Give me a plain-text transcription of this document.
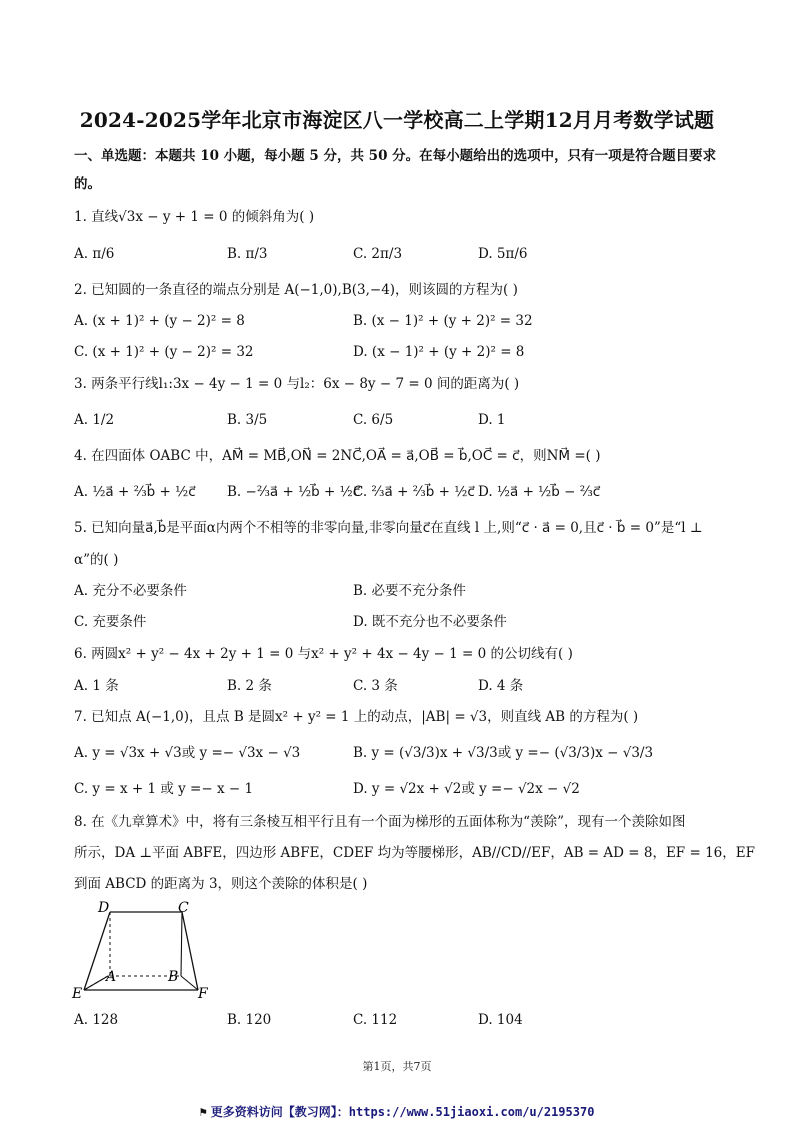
2024-2025学年北京市海淀区八一学校高二上学期12月月考数学试题
一、单选题：本题共 10 小题，每小题 5 分，共 50 分。在每小题给出的选项中，只有一项是符合题目要求
的。
1. 直线√3x − y + 1 = 0 的倾斜角为( )
A. π/6	B. π/3	C. 2π/3	D. 5π/6
2. 已知圆的一条直径的端点分别是 A(−1,0),B(3,−4)，则该圆的方程为( )
A. (x + 1)² + (y − 2)² = 8	B. (x − 1)² + (y + 2)² = 32
C. (x + 1)² + (y − 2)² = 32	D. (x − 1)² + (y + 2)² = 8
3. 两条平行线l₁:3x − 4y − 1 = 0 与l₂：6x − 8y − 7 = 0 间的距离为( )
A. 1/2	B. 3/5	C. 6/5	D. 1
4. 在四面体 OABC 中，AM⃗ = MB⃗,ON⃗ = 2NC⃗,OA⃗ = a⃗,OB⃗ = b⃗,OC⃗ = c⃗，则NM⃗ =( )
A. ½a⃗ + ⅔b⃗ + ½c⃗ B. −⅔a⃗ + ½b⃗ + ½c⃗
C. ⅔a⃗ + ⅔b⃗ + ½c⃗ D. ½a⃗ + ½b⃗ − ⅔c⃗
5. 已知向量a⃗,b⃗是平面α内两个不相等的非零向量,非零向量c⃗在直线 l 上,则“c⃗ · a⃗ = 0,且c⃗ · b⃗ = 0”是“l ⊥
α”的( )
A. 充分不必要条件	B. 必要不充分条件
C. 充要条件	D. 既不充分也不必要条件
6. 两圆x² + y² − 4x + 2y + 1 = 0 与x² + y² + 4x − 4y − 1 = 0 的公切线有( )
A. 1 条	B. 2 条	C. 3 条	D. 4 条
7. 已知点 A(−1,0)，且点 B 是圆x² + y² = 1 上的动点，|AB| = √3，则直线 AB 的方程为( )
A. y = √3x + √3或 y =− √3x − √3	B. y = (√3/3)x + √3/3或 y =− (√3/3)x − √3/3
C. y = x + 1 或 y =− x − 1	D. y = √2x + √2或 y =− √2x − √2
8. 在《九章算术》中，将有三条棱互相平行且有一个面为梯形的五面体称为“羡除”，现有一个羡除如图
所示，DA ⊥平面 ABFE，四边形 ABFE，CDEF 均为等腰梯形，AB//CD//EF，AB = AD = 8，EF = 16，EF
到面 ABCD 的距离为 3，则这个羡除的体积是( )
D	C
A	B
E	F
A. 128	B. 120	C. 112	D. 104
第1页，共7页
⚑ 更多资料访问【教习网】：https://www.51jiaoxi.com/u/2195370
